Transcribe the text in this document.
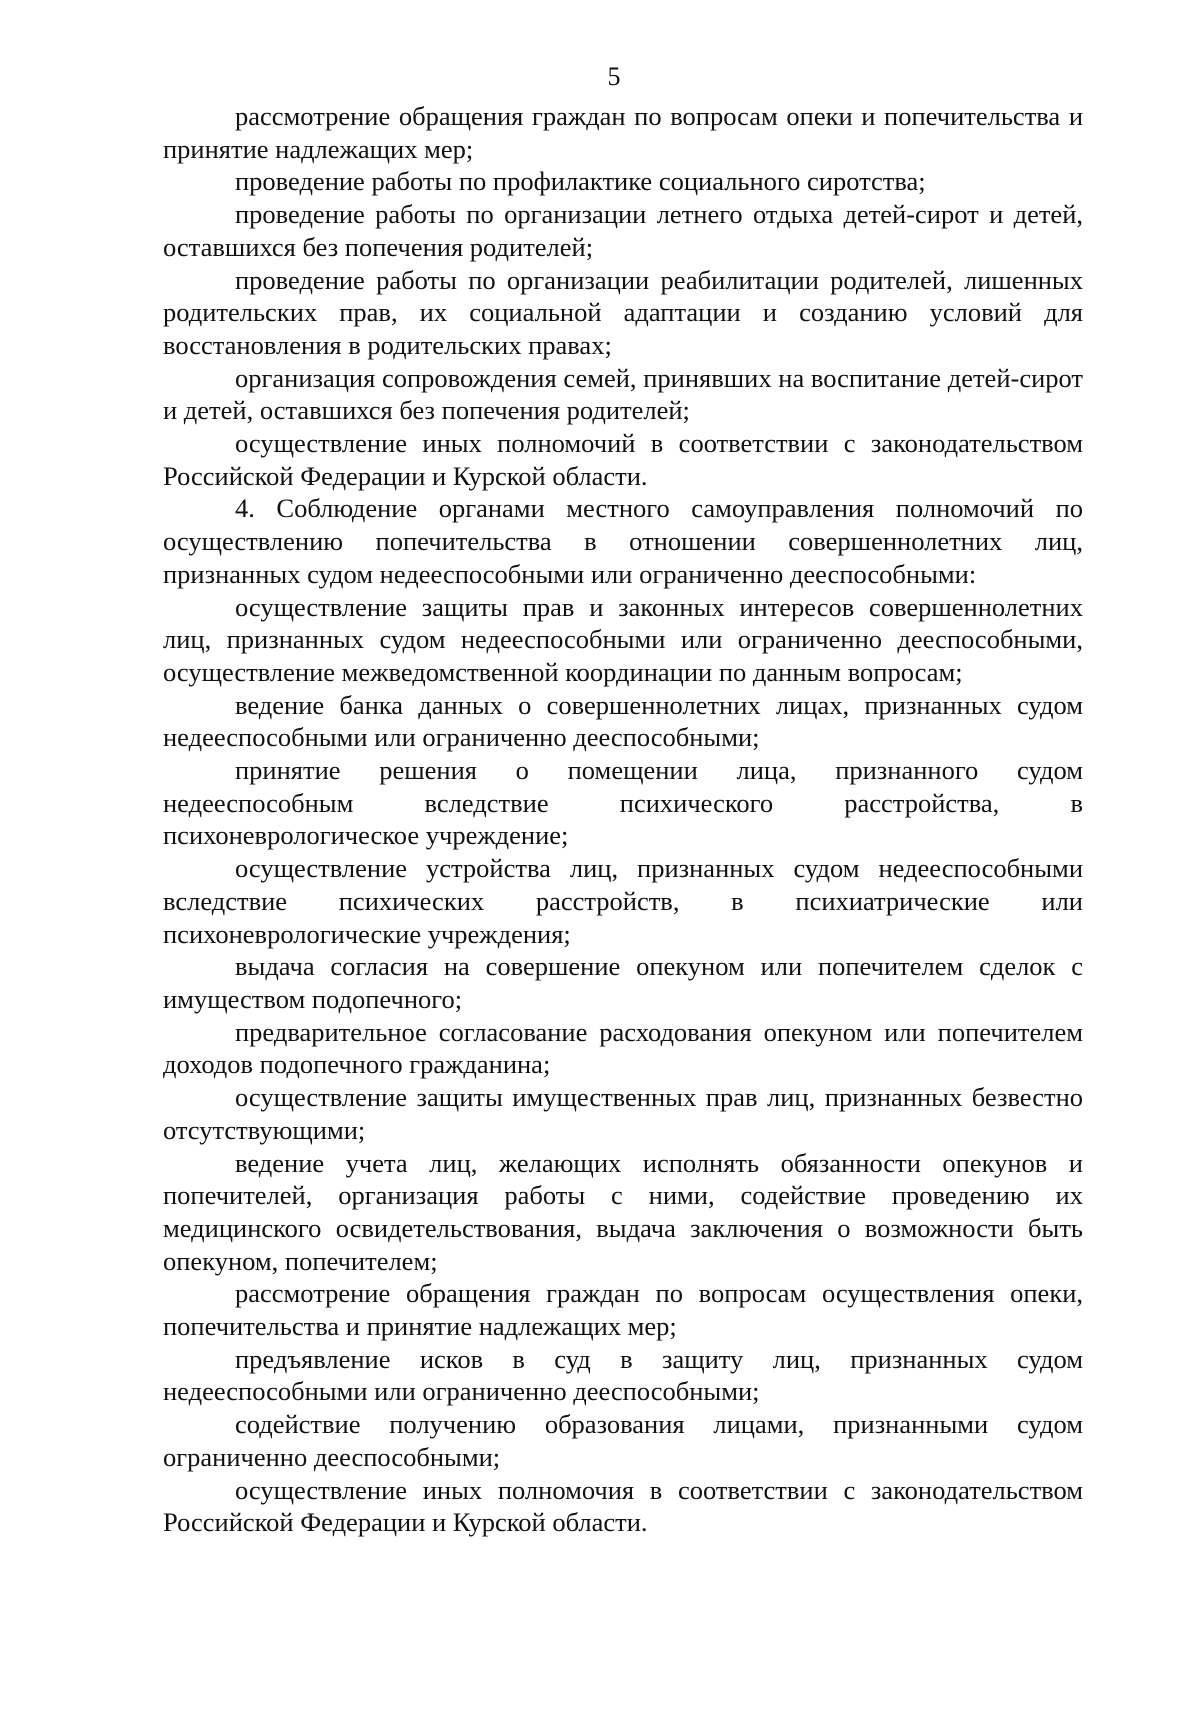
5

рассмотрение обращения граждан по вопросам опеки и попечительства и принятие надлежащих мер;

проведение работы по профилактике социального сиротства;

проведение работы по организации летнего отдыха детей-сирот и детей, оставшихся без попечения родителей;

проведение работы по организации реабилитации родителей, лишенных родительских прав, их социальной адаптации и созданию условий для восстановления в родительских правах;

организация сопровождения семей, принявших на воспитание детей-сирот и детей, оставшихся без попечения родителей;

осуществление иных полномочий в соответствии с законодательством Российской Федерации и Курской области.

4. Соблюдение органами местного самоуправления полномочий по осуществлению попечительства в отношении совершеннолетних лиц, признанных судом недееспособными или ограниченно дееспособными:

осуществление защиты прав и законных интересов совершеннолетних лиц, признанных судом недееспособными или ограниченно дееспособными, осуществление межведомственной координации по данным вопросам;

ведение банка данных о совершеннолетних лицах, признанных судом недееспособными или ограниченно дееспособными;

принятие решения о помещении лица, признанного судом недееспособным вследствие психического расстройства, в психоневрологическое учреждение;

осуществление устройства лиц, признанных судом недееспособными вследствие психических расстройств, в психиатрические или психоневрологические учреждения;

выдача согласия на совершение опекуном или попечителем сделок с имуществом подопечного;

предварительное согласование расходования опекуном или попечителем доходов подопечного гражданина;

осуществление защиты имущественных прав лиц, признанных безвестно отсутствующими;

ведение учета лиц, желающих исполнять обязанности опекунов и попечителей, организация работы с ними, содействие проведению их медицинского освидетельствования, выдача заключения о возможности быть опекуном, попечителем;

рассмотрение обращения граждан по вопросам осуществления опеки, попечительства и принятие надлежащих мер;

предъявление исков в суд в защиту лиц, признанных судом недееспособными или ограниченно дееспособными;

содействие получению образования лицами, признанными судом ограниченно дееспособными;

осуществление иных полномочия в соответствии с законодательством Российской Федерации и Курской области.
